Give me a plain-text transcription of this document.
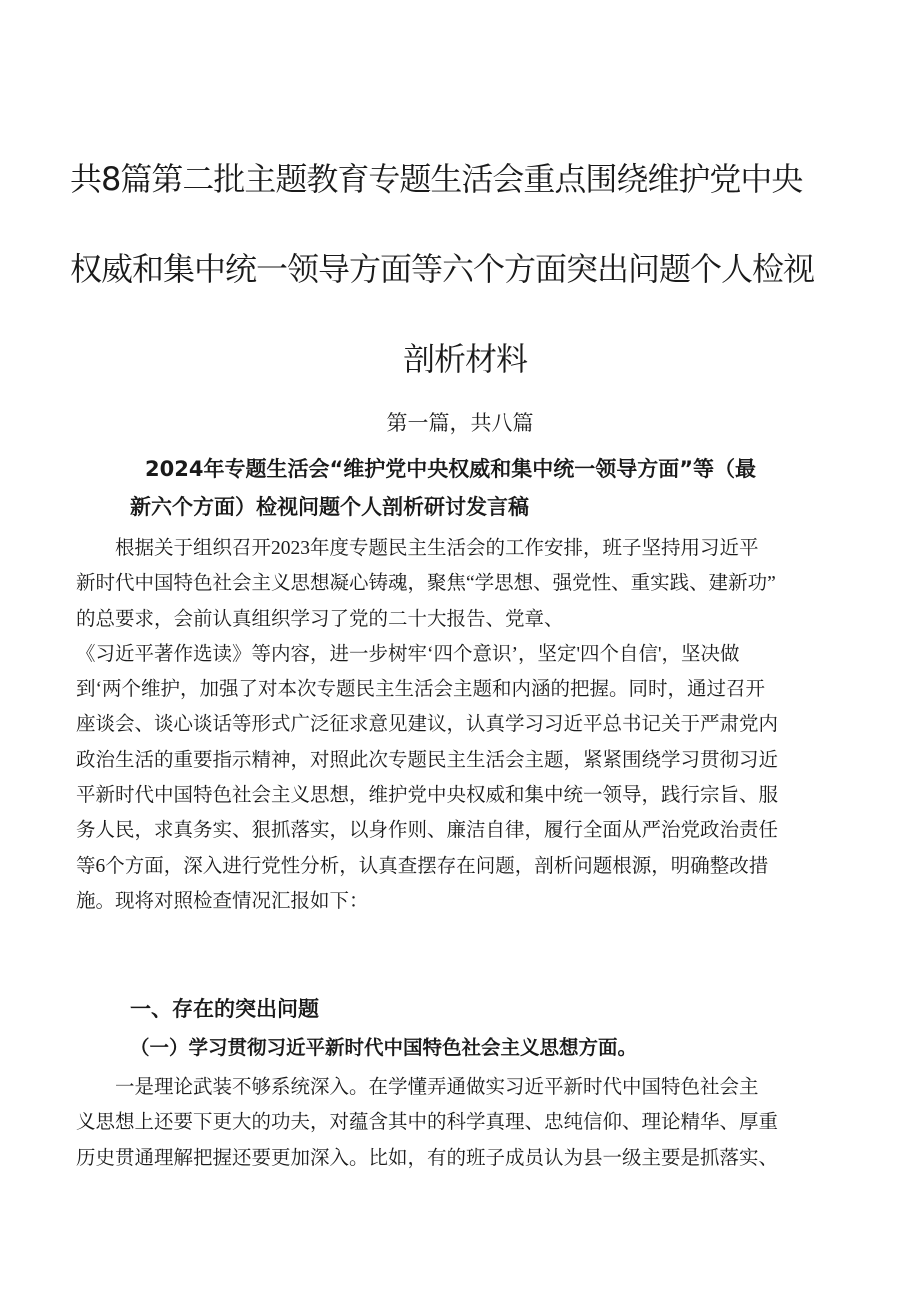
共8篇第二批主题教育专题生活会重点围绕维护党中央
权威和集中统一领导方面等六个方面突出问题个人检视
剖析材料

第一篇，共八篇

2024年专题生活会“维护党中央权威和集中统一领导方面”等（最
新六个方面）检视问题个人剖析研讨发言稿

　　根据关于组织召开2023年度专题民主生活会的工作安排，班子坚持用习近平
新时代中国特色社会主义思想凝心铸魂，聚焦“学思想、强党性、重实践、建新功”
的总要求，会前认真组织学习了党的二十大报告、党章、
《习近平著作选读》等内容，进一步树牢‘四个意识’，坚定'四个自信'，坚决做
到‘两个维护，加强了对本次专题民主生活会主题和内涵的把握。同时，通过召开
座谈会、谈心谈话等形式广泛征求意见建议，认真学习习近平总书记关于严肃党内
政治生活的重要指示精神，对照此次专题民主生活会主题，紧紧围绕学习贯彻习近
平新时代中国特色社会主义思想，维护党中央权威和集中统一领导，践行宗旨、服
务人民，求真务实、狠抓落实，以身作则、廉洁自律，履行全面从严治党政治责任
等6个方面，深入进行党性分析，认真查摆存在问题，剖析问题根源，明确整改措
施。现将对照检查情况汇报如下：

一、存在的突出问题
（一）学习贯彻习近平新时代中国特色社会主义思想方面。

　　一是理论武装不够系统深入。在学懂弄通做实习近平新时代中国特色社会主
义思想上还要下更大的功夫，对蕴含其中的科学真理、忠纯信仰、理论精华、厚重
历史贯通理解把握还要更加深入。比如，有的班子成员认为县一级主要是抓落实、
